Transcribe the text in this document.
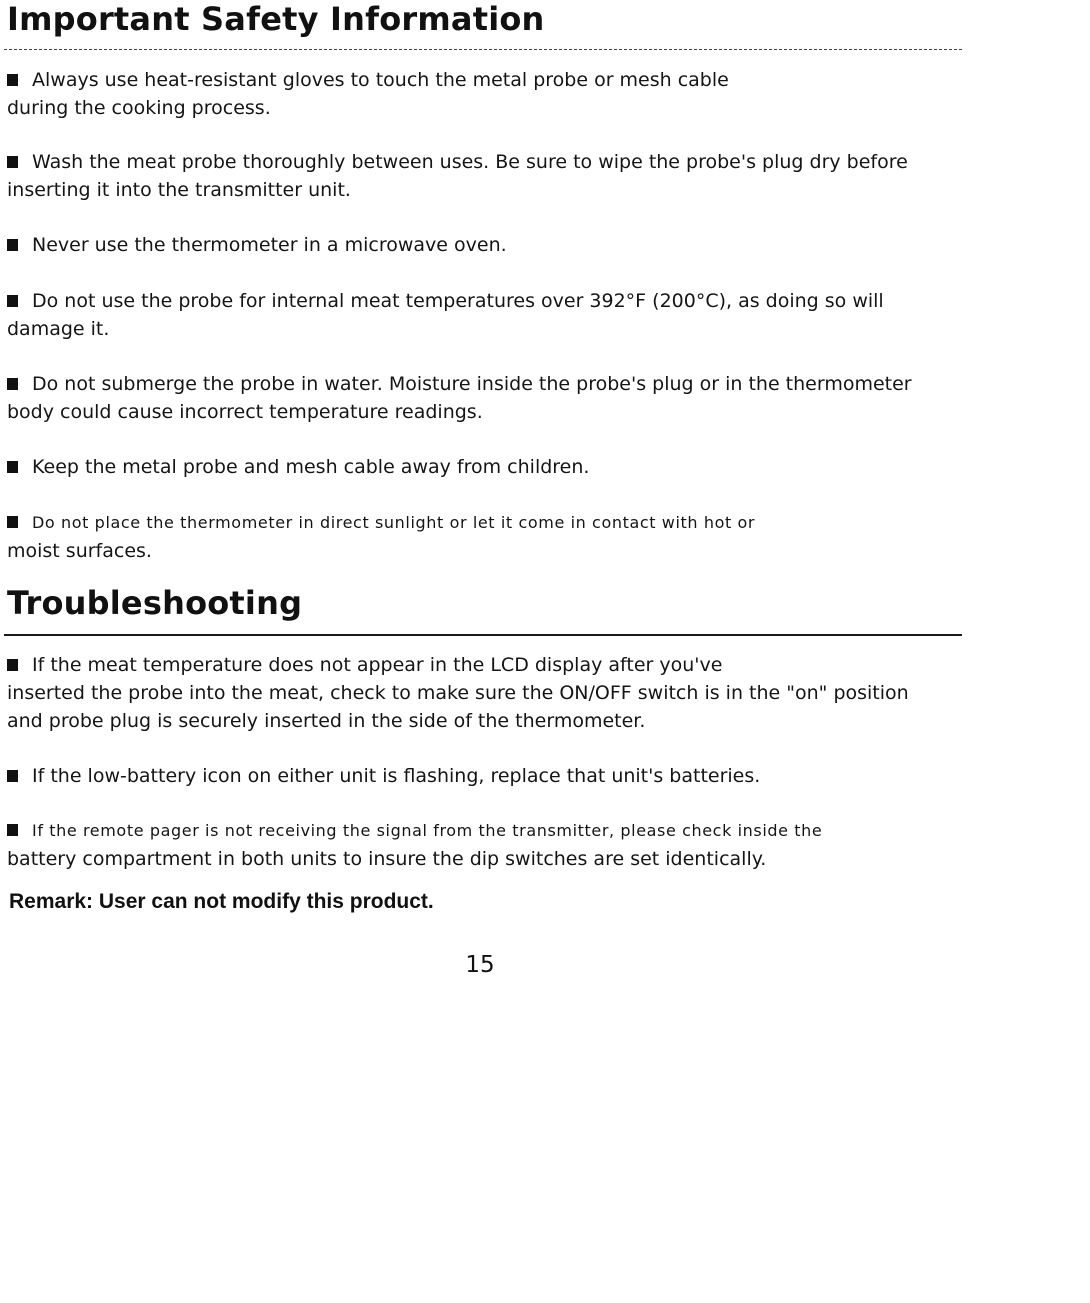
Important Safety Information

Always use heat-resistant gloves to touch the metal probe or mesh cable
during the cooking process.

Wash the meat probe thoroughly between uses. Be sure to wipe the probe's plug dry before
inserting it into the transmitter unit.

Never use the thermometer in a microwave oven.

Do not use the probe for internal meat temperatures over 392°F (200°C), as doing so will
damage it.

Do not submerge the probe in water. Moisture inside the probe's plug or in the thermometer
body could cause incorrect temperature readings.

Keep the metal probe and mesh cable away from children.

Do not place the thermometer in direct sunlight or let it come in contact with hot or
moist surfaces.

Troubleshooting

If the meat temperature does not appear in the LCD display after you've
inserted the probe into the meat, check to make sure the ON/OFF switch is in the "on" position
and probe plug is securely inserted in the side of the thermometer.

If the low-battery icon on either unit is flashing, replace that unit's batteries.

If the remote pager is not receiving the signal from the transmitter, please check inside the
battery compartment in both units to insure the dip switches are set identically.

Remark: User can not modify this product.

15
